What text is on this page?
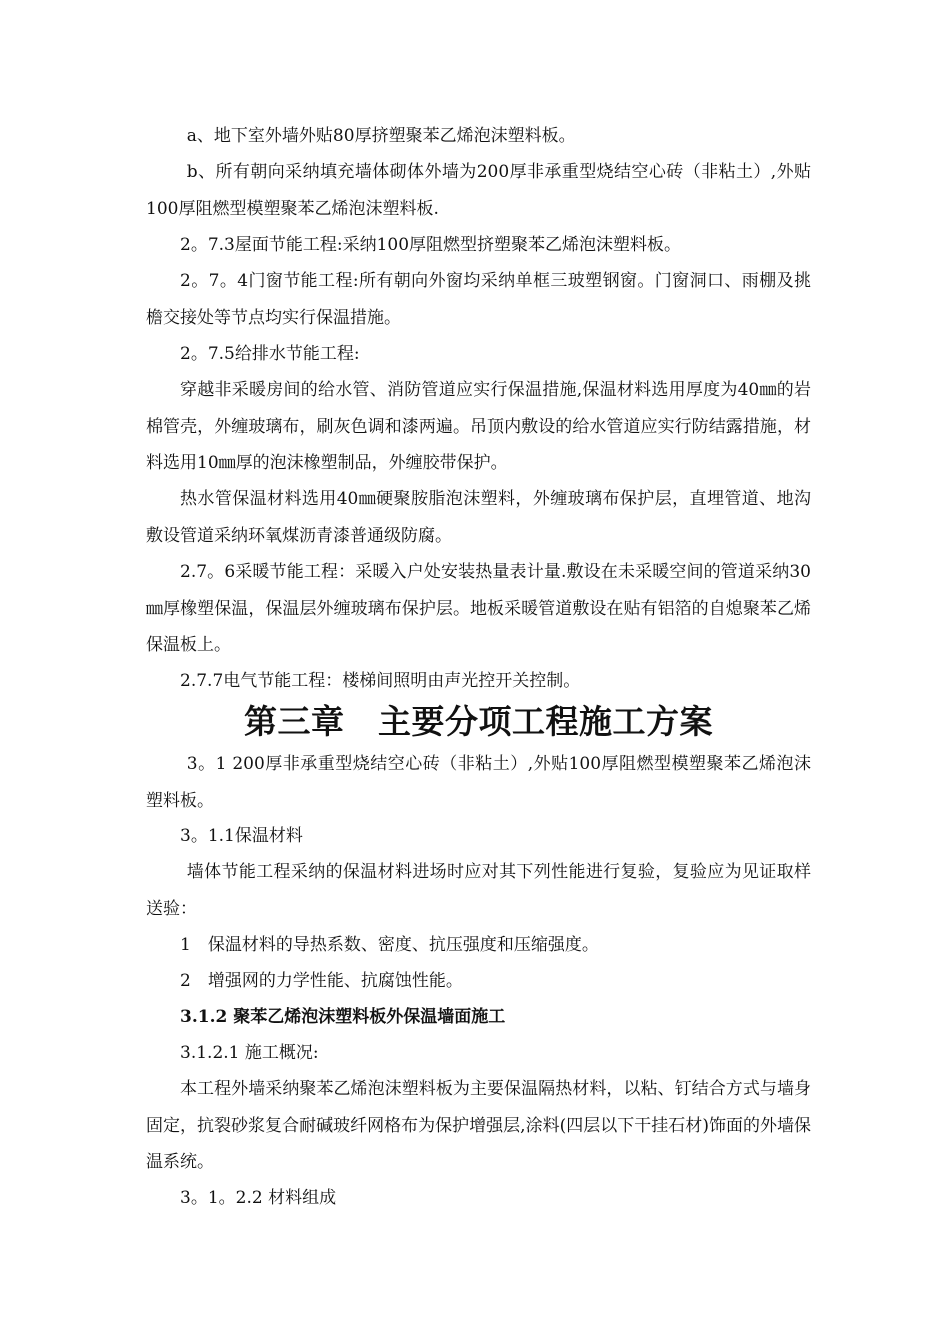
a、地下室外墙外贴80厚挤塑聚苯乙烯泡沫塑料板。

b、所有朝向采纳填充墙体砌体外墙为200厚非承重型烧结空心砖（非粘土）,外贴100厚阻燃型模塑聚苯乙烯泡沫塑料板.

2。7.3屋面节能工程:采纳100厚阻燃型挤塑聚苯乙烯泡沫塑料板。

2。7。4门窗节能工程:所有朝向外窗均采纳单框三玻塑钢窗。门窗洞口、雨棚及挑檐交接处等节点均实行保温措施。

2。7.5给排水节能工程:

穿越非采暖房间的给水管、消防管道应实行保温措施,保温材料选用厚度为40㎜的岩棉管壳，外缠玻璃布，刷灰色调和漆两遍。吊顶内敷设的给水管道应实行防结露措施，材料选用10㎜厚的泡沫橡塑制品，外缠胶带保护。

热水管保温材料选用40㎜硬聚胺脂泡沫塑料，外缠玻璃布保护层，直埋管道、地沟敷设管道采纳环氧煤沥青漆普通级防腐。

2.7。6采暖节能工程：采暖入户处安装热量表计量.敷设在未采暖空间的管道采纳30㎜厚橡塑保温，保温层外缠玻璃布保护层。地板采暖管道敷设在贴有铝箔的自熄聚苯乙烯保温板上。

2.7.7电气节能工程：楼梯间照明由声光控开关控制。

第三章　主要分项工程施工方案

3。1 200厚非承重型烧结空心砖（非粘土）,外贴100厚阻燃型模塑聚苯乙烯泡沫塑料板。

3。1.1保温材料

墙体节能工程采纳的保温材料进场时应对其下列性能进行复验，复验应为见证取样送验：

1　保温材料的导热系数、密度、抗压强度和压缩强度。

2　增强网的力学性能、抗腐蚀性能。

3.1.2 聚苯乙烯泡沫塑料板外保温墙面施工

3.1.2.1 施工概况:

本工程外墙采纳聚苯乙烯泡沫塑料板为主要保温隔热材料，以粘、钉结合方式与墙身固定，抗裂砂浆复合耐碱玻纤网格布为保护增强层,涂料(四层以下干挂石材)饰面的外墙保温系统。

3。1。2.2 材料组成
